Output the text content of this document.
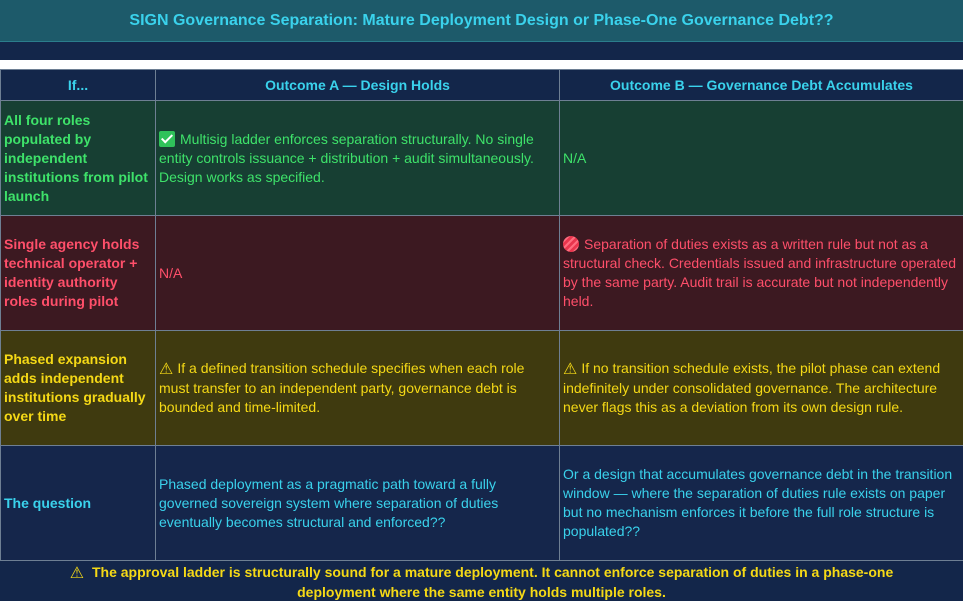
SIGN Governance Separation: Mature Deployment Design or Phase-One Governance Debt??
If...	Outcome A — Design Holds	Outcome B — Governance Debt Accumulates
All four roles populated by independent institutions from pilot launch	Multisig ladder enforces separation structurally. No single entity controls issuance + distribution + audit simultaneously. Design works as specified.	N/A
Single agency holds technical operator + identity authority roles during pilot	N/A	Separation of duties exists as a written rule but not as a structural check. Credentials issued and infrastructure operated by the same party. Audit trail is accurate but not independently held.
Phased expansion adds independent institutions gradually over time	⚠ If a defined transition schedule specifies when each role must transfer to an independent party, governance debt is bounded and time-limited.	⚠ If no transition schedule exists, the pilot phase can extend indefinitely under consolidated governance. The architecture never flags this as a deviation from its own design rule.
The question	Phased deployment as a pragmatic path toward a fully governed sovereign system where separation of duties eventually becomes structural and enforced??	Or a design that accumulates governance debt in the transition window — where the separation of duties rule exists on paper but no mechanism enforces it before the full role structure is populated??
⚠ The approval ladder is structurally sound for a mature deployment. It cannot enforce separation of duties in a phase-one
deployment where the same entity holds multiple roles.
